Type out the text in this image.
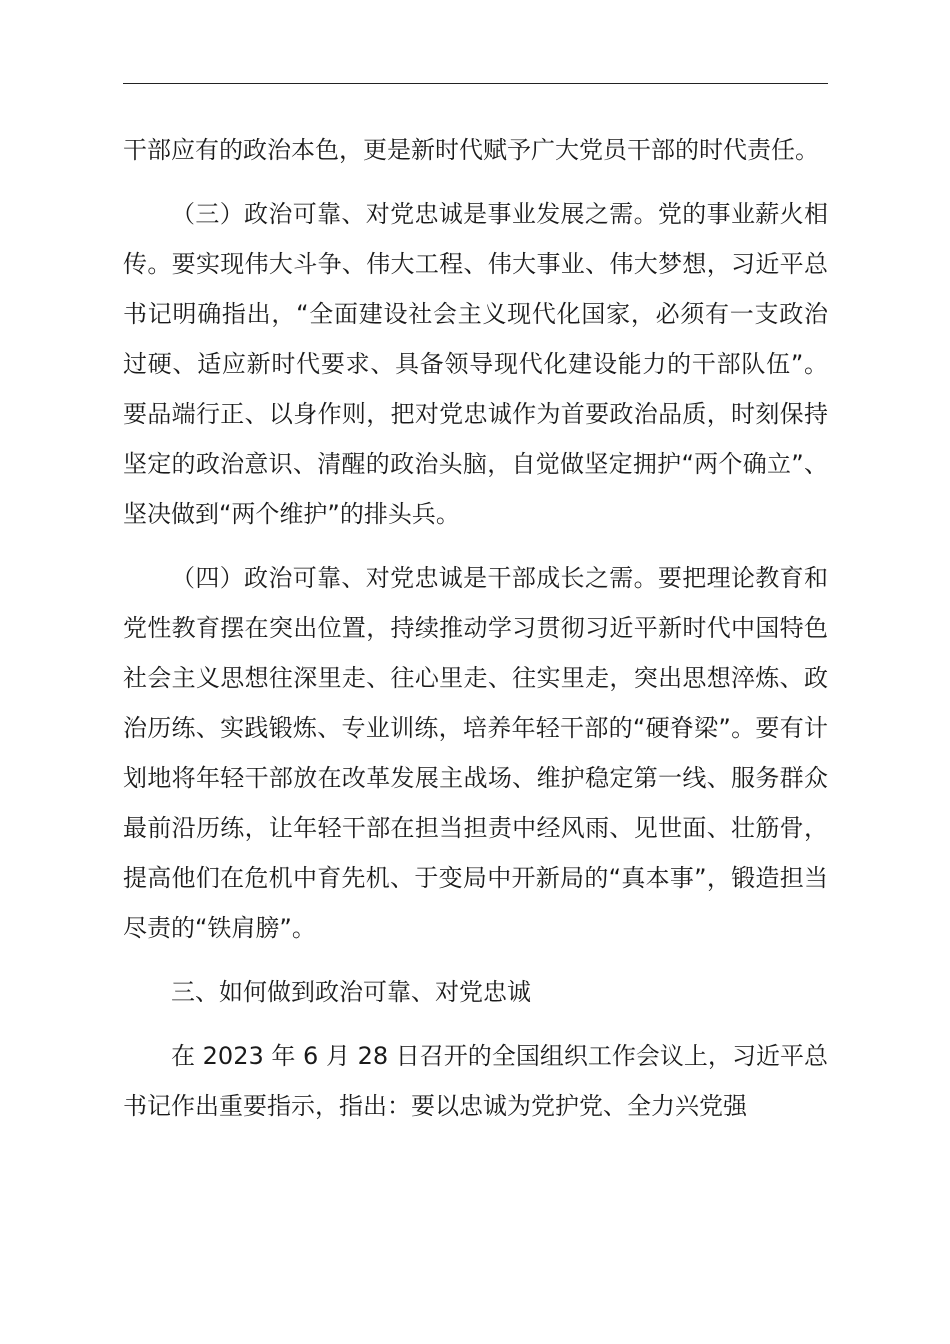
干部应有的政治本色，更是新时代赋予广大党员干部的时代责任。

（三）政治可靠、对党忠诚是事业发展之需。党的事业薪火相传。要实现伟大斗争、伟大工程、伟大事业、伟大梦想，习近平总书记明确指出，“全面建设社会主义现代化国家，必须有一支政治过硬、适应新时代要求、具备领导现代化建设能力的干部队伍”。要品端行正、以身作则，把对党忠诚作为首要政治品质，时刻保持坚定的政治意识、清醒的政治头脑，自觉做坚定拥护“两个确立”、坚决做到“两个维护”的排头兵。

（四）政治可靠、对党忠诚是干部成长之需。要把理论教育和党性教育摆在突出位置，持续推动学习贯彻习近平新时代中国特色社会主义思想往深里走、往心里走、往实里走，突出思想淬炼、政治历练、实践锻炼、专业训练，培养年轻干部的“硬脊梁”。要有计划地将年轻干部放在改革发展主战场、维护稳定第一线、服务群众最前沿历练，让年轻干部在担当担责中经风雨、见世面、壮筋骨，提高他们在危机中育先机、于变局中开新局的“真本事”，锻造担当尽责的“铁肩膀”。

三、如何做到政治可靠、对党忠诚

在 2023 年 6 月 28 日召开的全国组织工作会议上，习近平总书记作出重要指示，指出：要以忠诚为党护党、全力兴党强
